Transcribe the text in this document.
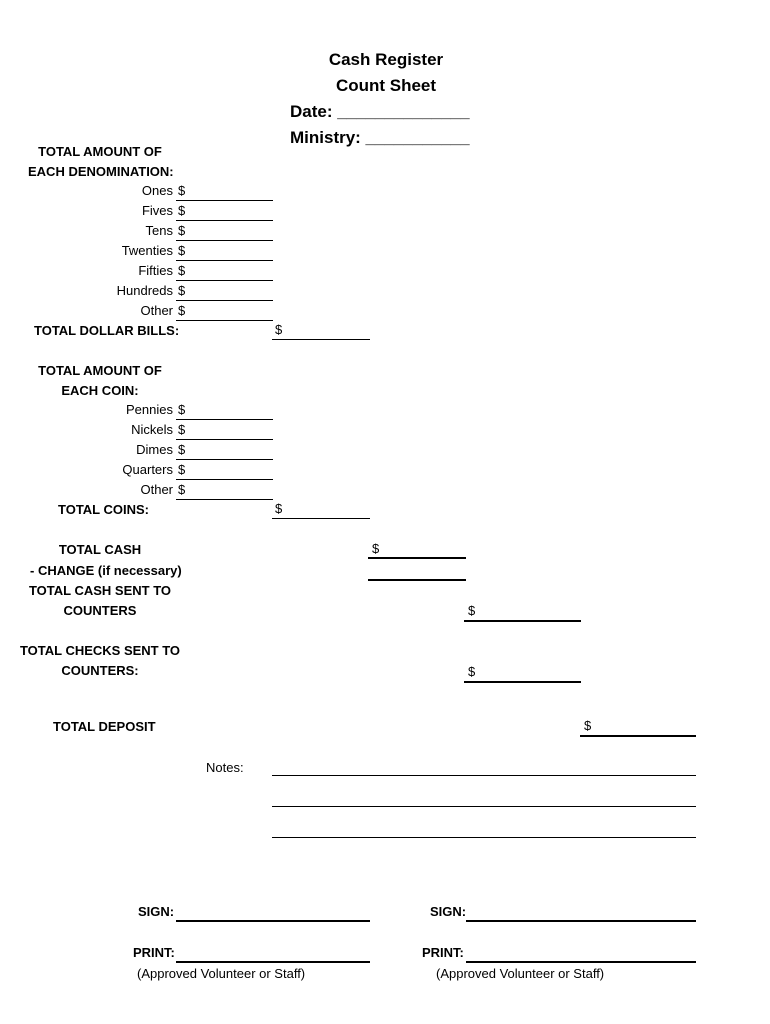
Cash Register
Count Sheet
Date: ______________
Ministry: ___________
TOTAL AMOUNT OF
EACH DENOMINATION:
Ones $
Fives $
Tens $
Twenties $
Fifties $
Hundreds $
Other $
TOTAL DOLLAR BILLS:	$
TOTAL AMOUNT OF
EACH COIN:
Pennies $
Nickels $
Dimes $
Quarters $
Other $
TOTAL COINS:	$
TOTAL CASH	$
- CHANGE (if necessary)
TOTAL CASH SENT TO
COUNTERS	$
TOTAL CHECKS SENT TO
COUNTERS:	$
TOTAL DEPOSIT	$
Notes:
SIGN:
PRINT:
(Approved Volunteer or Staff)
SIGN:
PRINT:
(Approved Volunteer or Staff)
